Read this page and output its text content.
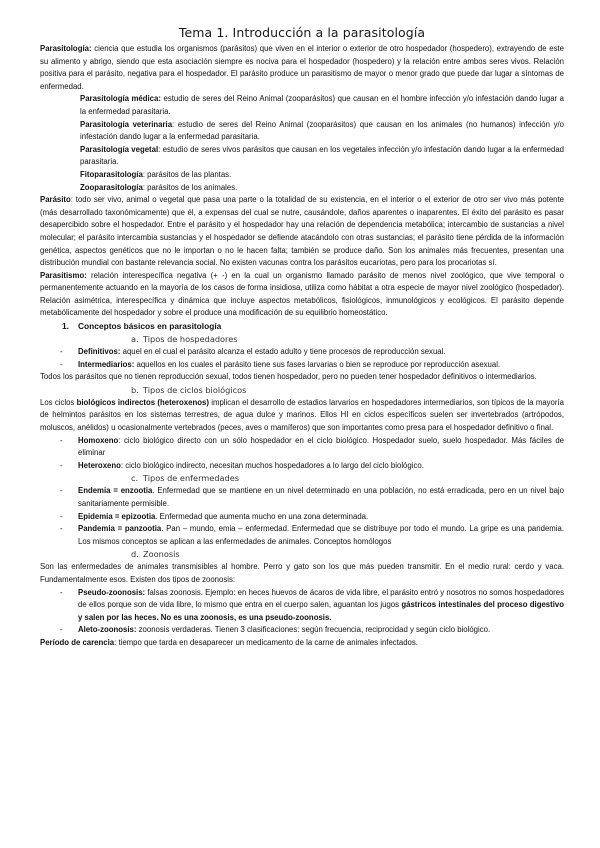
Tema 1. Introducción a la parasitología

Parasitología: ciencia que estudia los organismos (parásitos) que viven en el interior o exterior de otro hospedador (hospedero), extrayendo de este su alimento y abrigo, siendo que esta asociación siempre es nociva para el hospedador (hospedero) y la relación entre ambos seres vivos. Relación positiva para el parásito, negativa para el hospedador. El parásito produce un parasitismo de mayor o menor grado que puede dar lugar a síntomas de enfermedad.

Parasitología médica: estudio de seres del Reino Animal (zooparásitos) que causan en el hombre infección y/o infestación dando lugar a la enfermedad parasitaria.

Parasitología veterinaria: estudio de seres del Reino Animal (zooparásitos) que causan en los animales (no humanos) infección y/o infestación dando lugar a la enfermedad parasitaria.

Parasitología vegetal: estudio de seres vivos parásitos que causan en los vegetales infección y/o infestación dando lugar a la enfermedad parasitaria.

Fitoparasitología: parásitos de las plantas.

Zooparasitología: parásitos de los animales.

Parásito: todo ser vivo, animal o vegetal que pasa una parte o la totalidad de su existencia, en el interior o el exterior de otro ser vivo más potente (más desarrollado taxonómicamente) que él, a expensas del cual se nutre, causándole, daños aparentes o inaparentes. El éxito del parásito es pasar desapercibido sobre el hospedador. Entre el parásito y el hospedador hay una relación de dependencia metabólica; intercambio de sustancias a nivel molecular; el parásito intercambia sustancias y el hospedador se defiende atacándolo con otras sustancias; el parásito tiene pérdida de la información genética, aspectos genéticos que no le importan o no le hacen falta; también se produce daño. Son los animales más frecuentes, presentan una distribución mundial con bastante relevancia social. No existen vacunas contra los parásitos eucariotas, pero para los procariotas sí.

Parasitismo: relación interespecífica negativa (+ -) en la cual un organismo llamado parásito de menos nivel zoológico, que vive temporal o permanentemente actuando en la mayoría de los casos de forma insidiosa, utiliza como hábitat a otra especie de mayor nivel zoológico (hospedador). Relación asimétrica, interespecífica y dinámica que incluye aspectos metabólicos, fisiológicos, inmunológicos y ecológicos. El parásito depende metabólicamente del hospedador y sobre el produce una modificación de su equilibrio homeostático.

1.	Conceptos básicos en parasitología
a. Tipos de hospedadores
- Definitivos: aquel en el cual el parásito alcanza el estado adulto y tiene procesos de reproducción sexual.
- Intermediarios: aquellos en los cuales el parásito tiene sus fases larvarias o bien se reproduce por reproducción asexual.

Todos los parásitos que no tienen reproducción sexual, todos tienen hospedador, pero no pueden tener hospedador definitivos o intermediarios.

b. Tipos de ciclos biológicos

Los ciclos biológicos indirectos (heteroxenos) implican el desarrollo de estadios larvarios en hospedadores intermediarios, son típicos de la mayoría de helmintos parásitos en los sistemas terrestres, de agua dulce y marinos. Ellos HI en ciclos específicos suelen ser invertebrados (artrópodos, moluscos, anélidos) u ocasionalmente vertebrados (peces, aves o mamíferos) que son importantes como presa para el hospedador definitivo o final.

- Homoxeno: ciclo biológico directo con un sólo hospedador en el ciclo biológico. Hospedador suelo, suelo hospedador. Más fáciles de eliminar
- Heteroxeno: ciclo biológico indirecto, necesitan muchos hospedadores a lo largo del ciclo biológico.
c. Tipos de enfermedades
- Endemia = enzootia. Enfermedad que se mantiene en un nivel determinado en una población, no está erradicada, pero en un nivel bajo sanitariamente permisible.
- Epidemia = epizootia. Enfermedad que aumenta mucho en una zona determinada.
- Pandemia = panzootia. Pan – mundo, emia – enfermedad. Enfermedad que se distribuye por todo el mundo. La gripe es una pandemia. Los mismos conceptos se aplican a las enfermedades de animales. Conceptos homólogos
d. Zoonosis

Son las enfermedades de animales transmisibles al hombre. Perro y gato son los que más pueden transmitir. En el medio rural: cerdo y vaca. Fundamentalmente esos. Existen dos tipos de zoonosis:

- Pseudo-zoonosis: falsas zoonosis. Ejemplo: en heces huevos de ácaros de vida libre, el parásito entró y nosotros no somos hospedadores de ellos porque son de vida libre, lo mismo que entra en el cuerpo salen, aguantan los jugos gástricos intestinales del proceso digestivo y salen por las heces. No es una zoonosis, es una pseudo-zoonosis.
- Aleto-zoonosis: zoonosis verdaderas. Tienen 3 clasificaciones: según frecuencia, reciprocidad y según ciclo biológico.

Período de carencia: tiempo que tarda en desaparecer un medicamento de la carne de animales infectados.
